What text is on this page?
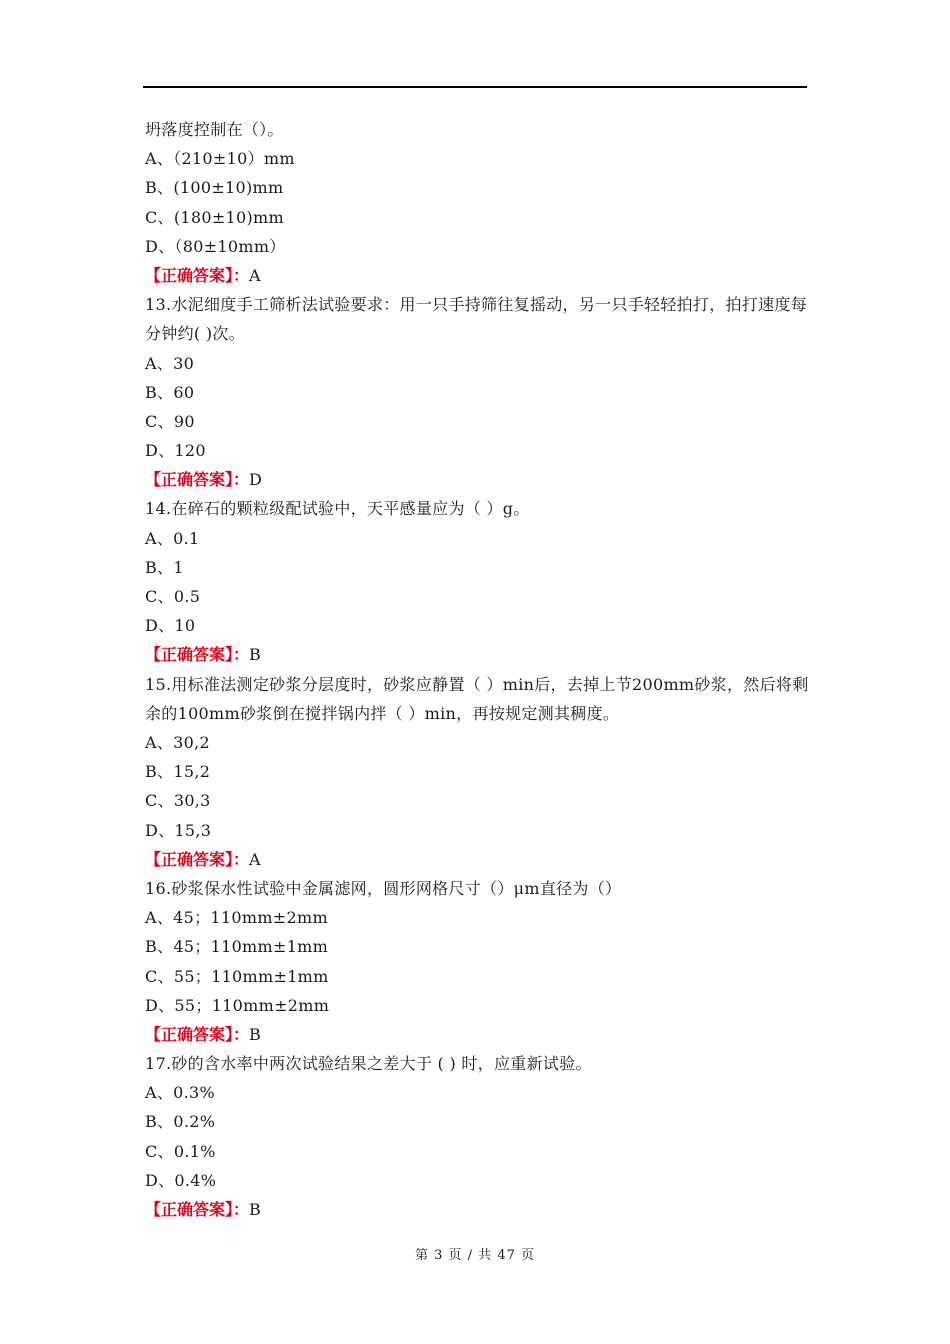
坍落度控制在（）。
A、（210±10）mm
B、(100±10)mm
C、(180±10)mm
D、（80±10mm）
【正确答案】：A
13.水泥细度手工筛析法试验要求：用一只手持筛往复摇动，另一只手轻轻拍打，拍打速度每分钟约( )次。
A、30
B、60
C、90
D、120
【正确答案】：D
14.在碎石的颗粒级配试验中，天平感量应为（ ）g。
A、0.1
B、1
C、0.5
D、10
【正确答案】：B
15.用标准法测定砂浆分层度时，砂浆应静置（ ）min后，去掉上节200mm砂浆，然后将剩余的100mm砂浆倒在搅拌锅内拌（ ）min，再按规定测其稠度。
A、30,2
B、15,2
C、30,3
D、15,3
【正确答案】：A
16.砂浆保水性试验中金属滤网，圆形网格尺寸（）μm直径为（）
A、45；110mm±2mm
B、45；110mm±1mm
C、55；110mm±1mm
D、55；110mm±2mm
【正确答案】：B
17.砂的含水率中两次试验结果之差大于 ( ) 时，应重新试验。
A、0.3%
B、0.2%
C、0.1%
D、0.4%
【正确答案】：B
第 3 页 / 共 47 页
